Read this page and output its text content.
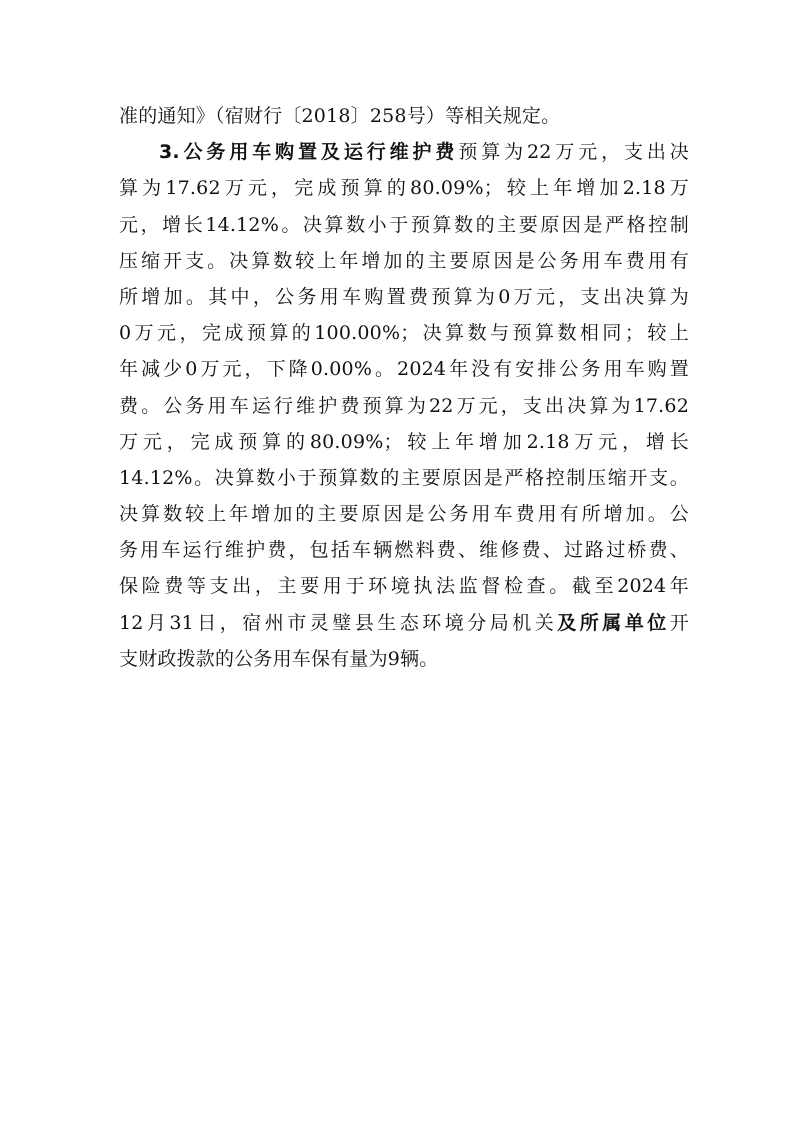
准的通知》（宿财行〔2018〕258号）等相关规定。
3.公务用车购置及运行维护费预算为22万元，支出决
算为17.62万元，完成预算的80.09%；较上年增加2.18万
元，增长14.12%。决算数小于预算数的主要原因是严格控制
压缩开支。决算数较上年增加的主要原因是公务用车费用有
所增加。其中，公务用车购置费预算为0万元，支出决算为
0万元，完成预算的100.00%；决算数与预算数相同；较上
年减少0万元，下降0.00%。2024年没有安排公务用车购置
费。公务用车运行维护费预算为22万元，支出决算为17.62
万元，完成预算的80.09%；较上年增加2.18万元，增长
14.12%。决算数小于预算数的主要原因是严格控制压缩开支。
决算数较上年增加的主要原因是公务用车费用有所增加。公
务用车运行维护费，包括车辆燃料费、维修费、过路过桥费、
保险费等支出，主要用于环境执法监督检查。截至2024年
12月31日，宿州市灵璧县生态环境分局机关及所属单位开
支财政拨款的公务用车保有量为9辆。
